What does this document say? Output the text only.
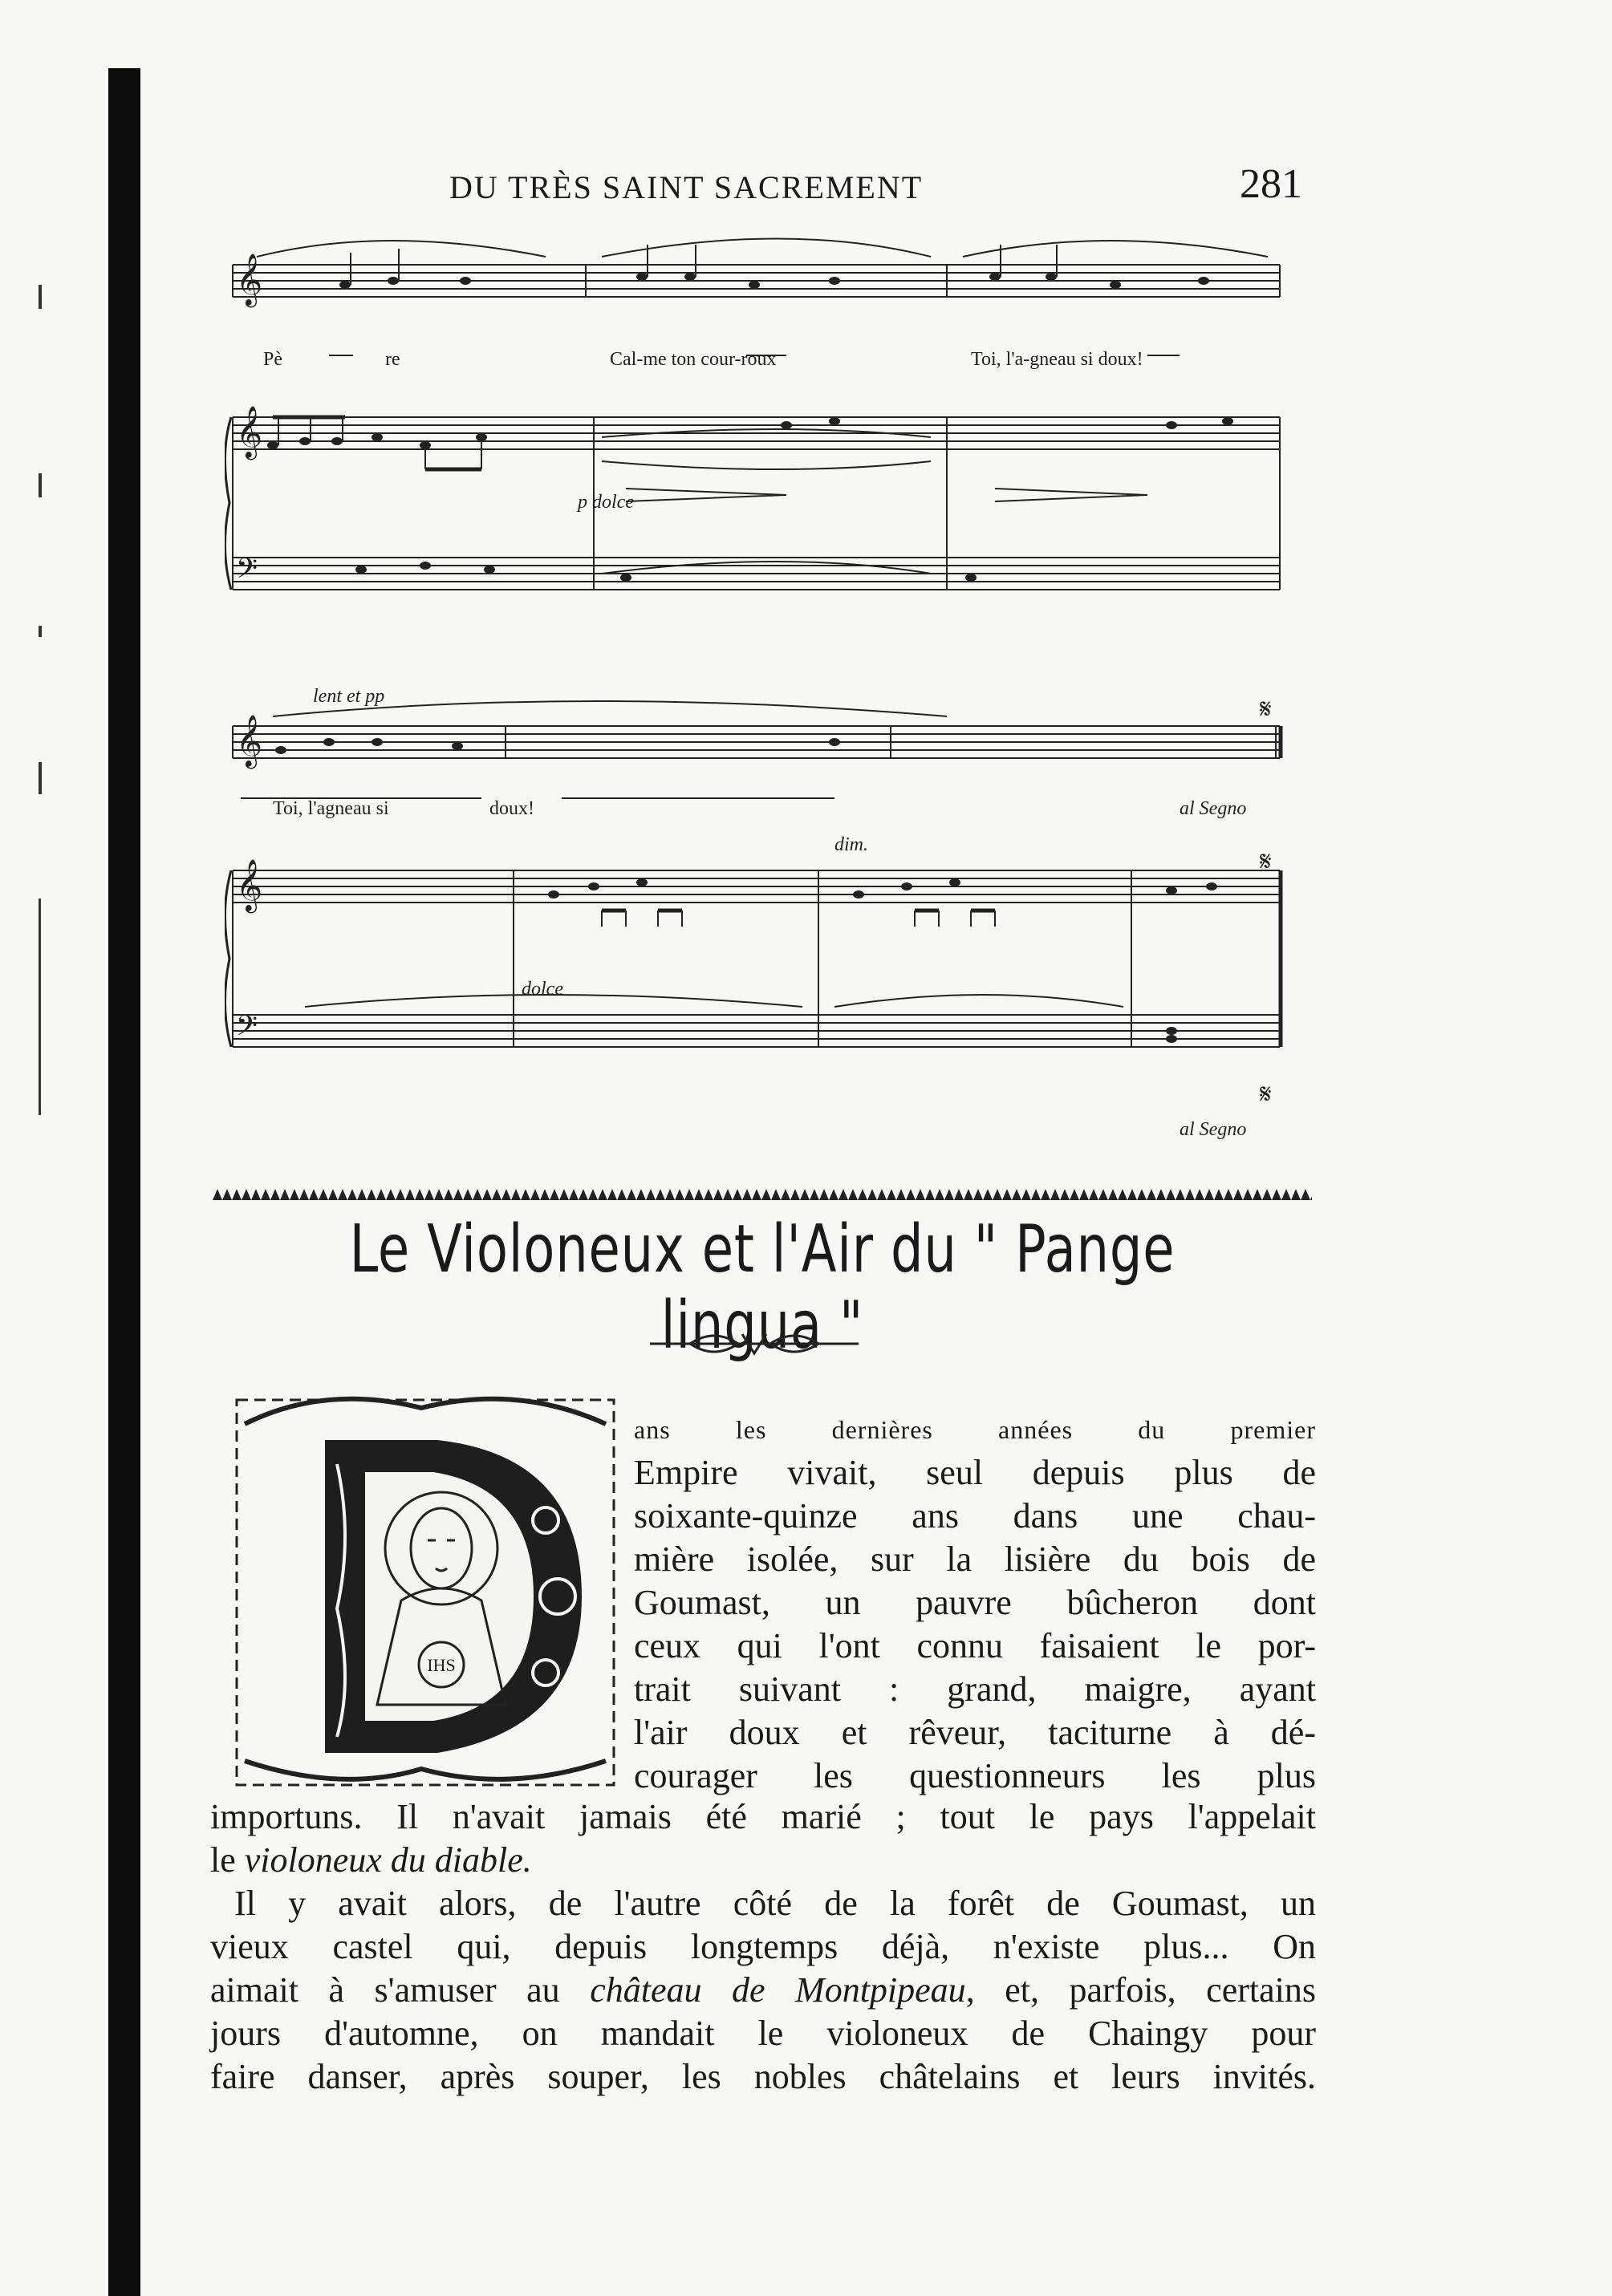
DU TRÈS SAINT SACREMENT	281
𝄞
𝄞
𝄞
𝄞
𝄢
𝄢
Pè	re	Cal-me ton cour-roux	Toi, l'a-gneau si doux!
p dolce
lent et pp
Toi, l'agneau si	doux!
dim.
dolce
al Segno
al Segno
𝄋
𝄋
𝄋
Le Violoneux et l'Air du " Pange lingua "
IHS
D
ans les dernières années du premier
Empire vivait, seul depuis plus de
soixante-quinze ans dans une chau-
mière isolée, sur la lisière du bois de
Goumast, un pauvre bûcheron dont
ceux qui l'ont connu faisaient le por-
trait suivant : grand, maigre, ayant
l'air doux et rêveur, taciturne à dé-
courager les questionneurs les plus
importuns. Il n'avait jamais été marié ; tout le pays l'appelait
le violoneux du diable.
Il y avait alors, de l'autre côté de la forêt de Goumast, un
vieux castel qui, depuis longtemps déjà, n'existe plus... On
aimait à s'amuser au château de Montpipeau, et, parfois, certains
jours d'automne, on mandait le violoneux de Chaingy pour
faire danser, après souper, les nobles châtelains et leurs invités.
